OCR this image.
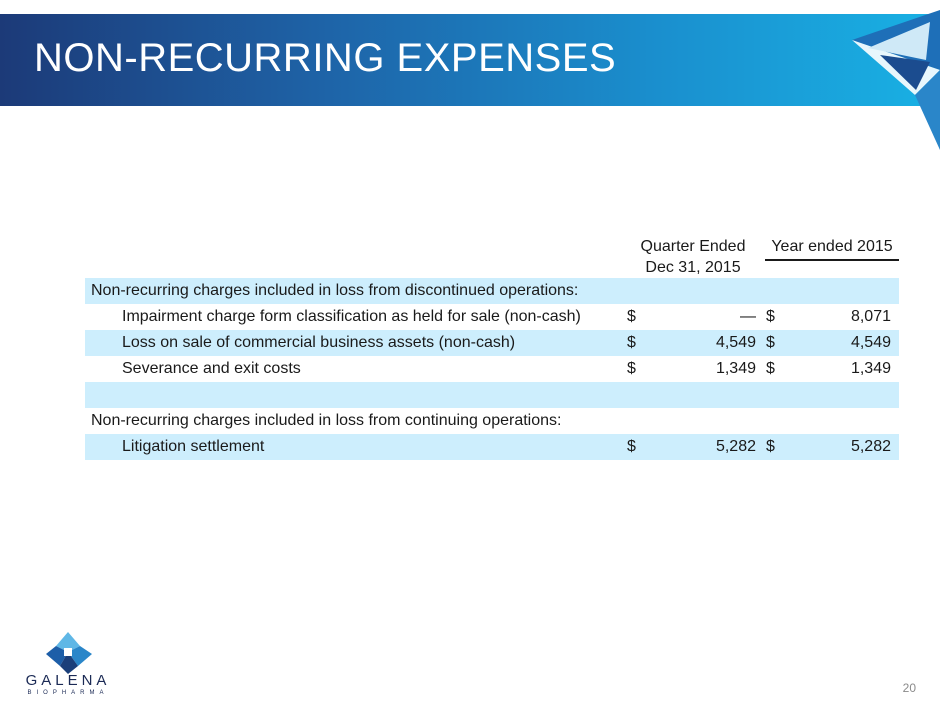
NON-RECURRING EXPENSES
Quarter Ended Dec 31, 2015
Year ended 2015
Non-recurring charges included in loss from discontinued operations:
Impairment charge form classification as held for sale (non-cash)	$	— $	8,071
Loss on sale of commercial business assets (non-cash)	$	4,549 $	4,549
Severance and exit costs	$	1,349 $	1,349
Non-recurring charges included in loss from continuing operations:
Litigation settlement	$	5,282 $	5,282
GALENA
BIOPHARMA	20
